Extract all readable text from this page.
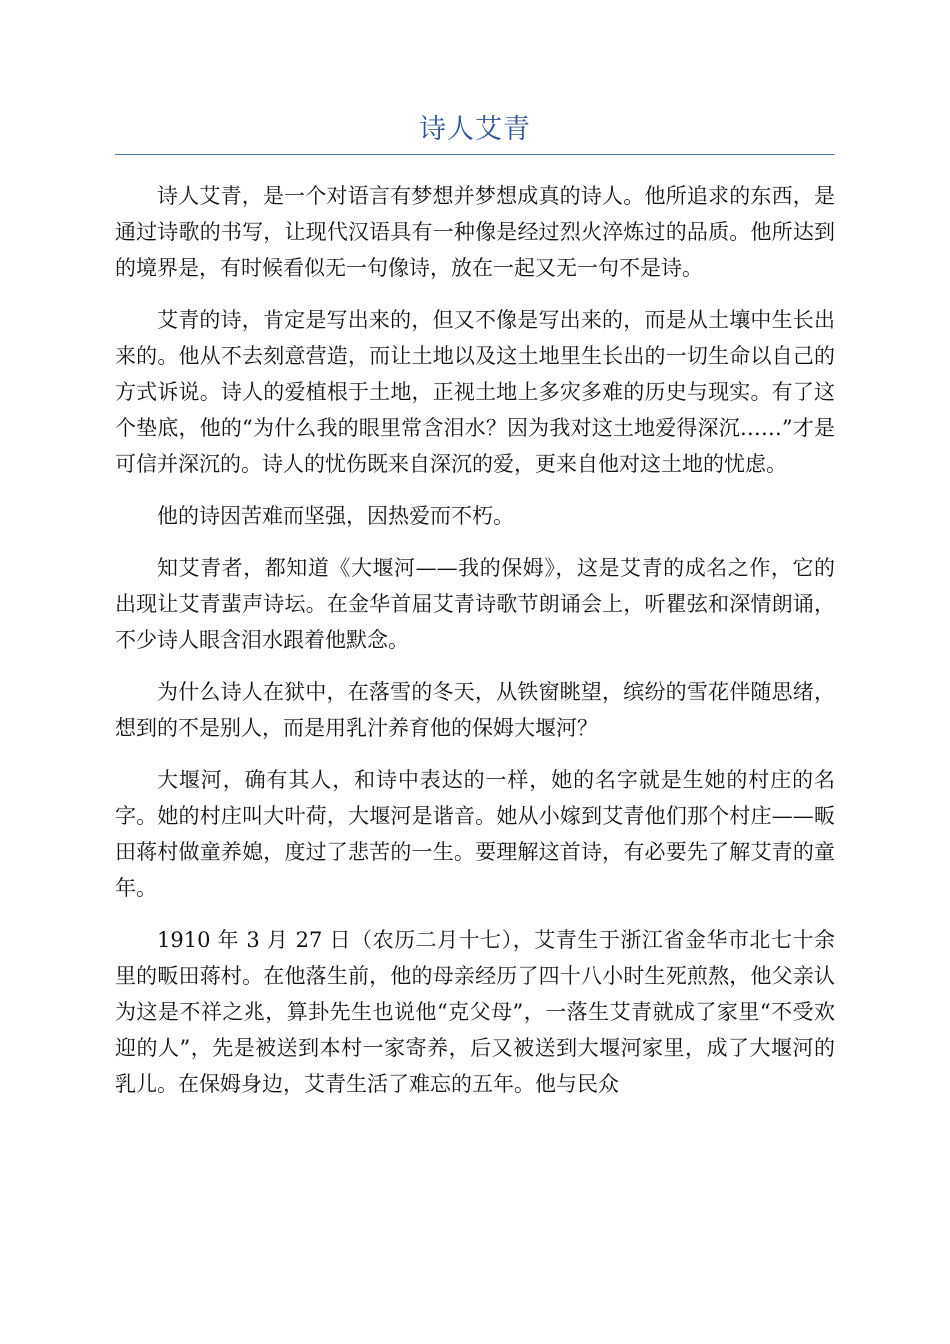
诗人艾青

诗人艾青，是一个对语言有梦想并梦想成真的诗人。他所追求的东西，是通过诗歌的书写，让现代汉语具有一种像是经过烈火淬炼过的品质。他所达到的境界是，有时候看似无一句像诗，放在一起又无一句不是诗。

艾青的诗，肯定是写出来的，但又不像是写出来的，而是从土壤中生长出来的。他从不去刻意营造，而让土地以及这土地里生长出的一切生命以自己的方式诉说。诗人的爱植根于土地，正视土地上多灾多难的历史与现实。有了这个垫底，他的“为什么我的眼里常含泪水？因为我对这土地爱得深沉……”才是可信并深沉的。诗人的忧伤既来自深沉的爱，更来自他对这土地的忧虑。

他的诗因苦难而坚强，因热爱而不朽。

知艾青者，都知道《大堰河——我的保姆》，这是艾青的成名之作，它的出现让艾青蜚声诗坛。在金华首届艾青诗歌节朗诵会上，听瞿弦和深情朗诵，不少诗人眼含泪水跟着他默念。

为什么诗人在狱中，在落雪的冬天，从铁窗眺望，缤纷的雪花伴随思绪，想到的不是别人，而是用乳汁养育他的保姆大堰河？

大堰河，确有其人，和诗中表达的一样，她的名字就是生她的村庄的名字。她的村庄叫大叶荷，大堰河是谐音。她从小嫁到艾青他们那个村庄——畈田蒋村做童养媳，度过了悲苦的一生。要理解这首诗，有必要先了解艾青的童年。

1910 年 3 月 27 日（农历二月十七），艾青生于浙江省金华市北七十余里的畈田蒋村。在他落生前，他的母亲经历了四十八小时生死煎熬，他父亲认为这是不祥之兆，算卦先生也说他“克父母”，一落生艾青就成了家里“不受欢迎的人”，先是被送到本村一家寄养，后又被送到大堰河家里，成了大堰河的乳儿。在保姆身边，艾青生活了难忘的五年。他与民众
